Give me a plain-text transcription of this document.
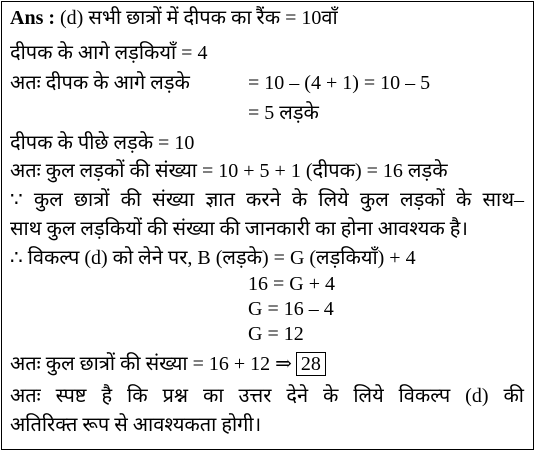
Ans : (d) सभी छात्रों में दीपक का रैंक = 10वाँ
दीपक के आगे लड़कियाँ = 4
अतः दीपक के आगे लड़के	= 10 – (4 + 1) = 10 – 5
= 5 लड़के
दीपक के पीछे लड़के = 10
अतः कुल लड़कों की संख्या = 10 + 5 + 1 (दीपक) = 16 लड़के
∵ कुल छात्रों की संख्या ज्ञात करने के लिये कुल लड़कों के साथ–
साथ कुल लड़कियों की संख्या की जानकारी का होना आवश्यक है।
∴ विकल्प (d) को लेने पर, B (लड़के) = G (लड़कियाँ) + 4
16 = G + 4
G = 16 – 4
G = 12
अतः कुल छात्रों की संख्या = 16 + 12 ⇒ 28
अतः स्पष्ट है कि प्रश्न का उत्तर देने के लिये विकल्प (d) की
अतिरिक्त रूप से आवश्यकता होगी।
